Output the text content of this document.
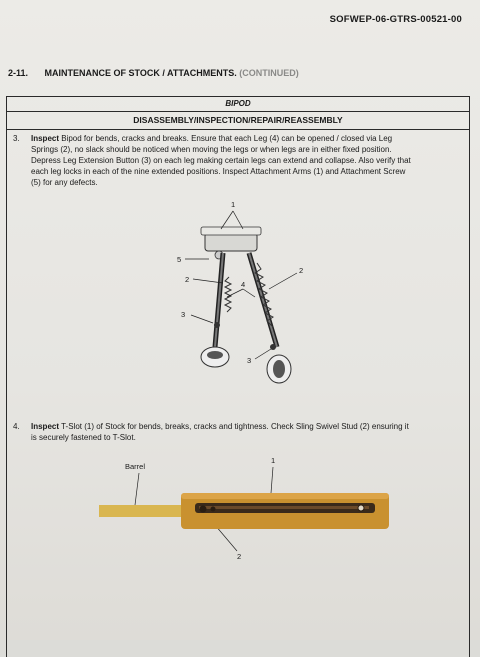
SOFWEP-06-GTRS-00521-00
2-11. MAINTENANCE OF STOCK / ATTACHMENTS. (CONTINUED)
BIPOD
DISASSEMBLY/INSPECTION/REPAIR/REASSEMBLY
3. Inspect Bipod for bends, cracks and breaks. Ensure that each Leg (4) can be opened / closed via Leg
Springs (2), no slack should be noticed when moving the legs or when legs are in either fixed position.
Depress Leg Extension Button (3) on each leg making certain legs can extend and collapse. Also verify that
each leg locks in each of the nine extended positions. Inspect Attachment Arms (1) and Attachment Screw
(5) for any defects.
1
5
2
2
4
3
3
4. Inspect T-Slot (1) of Stock for bends, breaks, cracks and tightness. Check Sling Swivel Stud (2) ensuring it
is securely fastened to T-Slot.
Barrel
1
2
